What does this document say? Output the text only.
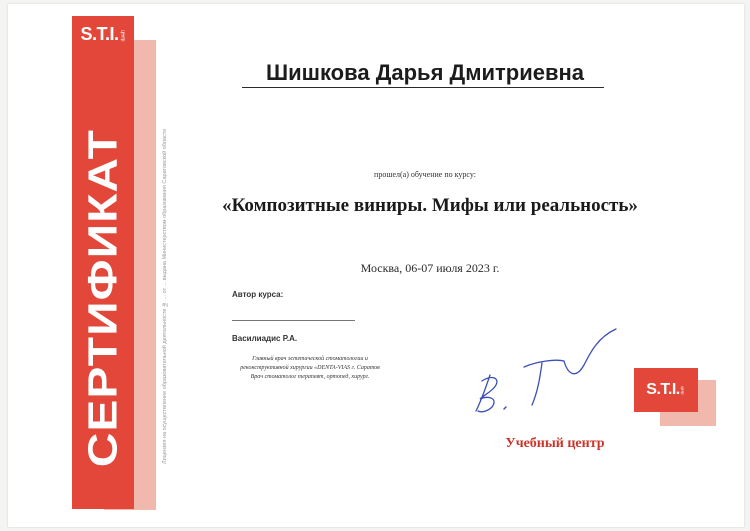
S.T.I.центр
СЕРТИФИКАТ	Лицензия на осуществление образовательной деятельности № ... от ... выдана Министерством образования Саратовской области
Шишкова Дарья Дмитриевна
прошел(а) обучение по курсу:
«Композитные виниры. Мифы или реальность»
Москва, 06-07 июля 2023 г.
Автор курса:
Василиадис Р.А.
Главный врач эстетической стоматологии и
реконструктивной хирургии «DENTA-VIAS г. Саратов
Врач стоматолог терапевт, ортопед, хирург.
S.T.I. центр
Учебный центр
